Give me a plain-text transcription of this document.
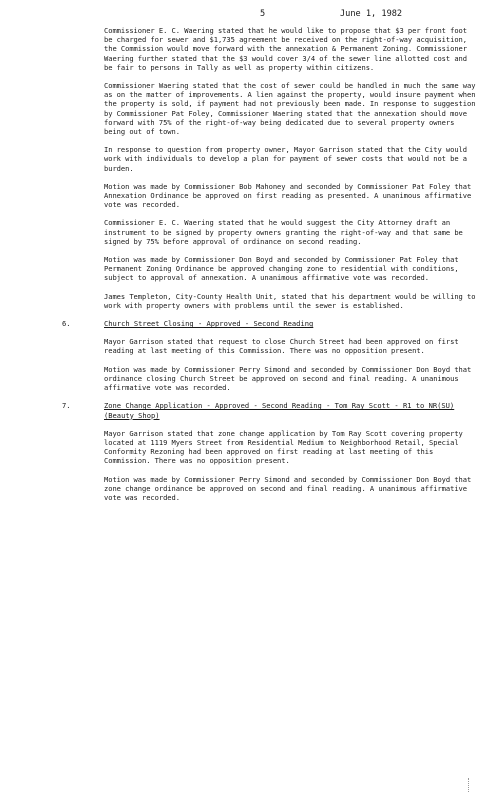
5	June 1, 1982

Commissioner E. C. Waering stated that he would like to propose that $3 per front foot be charged for sewer and $1,735 agreement be received on the right-of-way acquisition, the Commission would move forward with the annexation & Permanent Zoning. Commissioner Waering further stated that the $3 would cover 3/4 of the sewer line allotted cost and be fair to persons in Tally as well as property within citizens.

Commissioner Waering stated that the cost of sewer could be handled in much the same way as on the matter of improvements. A lien against the property, would insure payment when the property is sold, if payment had not previously been made. In response to suggestion by Commissioner Pat Foley, Commissioner Waering stated that the annexation should move forward with 75% of the right-of-way being dedicated due to several property owners being out of town.

In response to question from property owner, Mayor Garrison stated that the City would work with individuals to develop a plan for payment of sewer costs that would not be a burden.

Motion was made by Commissioner Bob Mahoney and seconded by Commissioner Pat Foley that Annexation Ordinance be approved on first reading as presented. A unanimous affirmative vote was recorded.

Commissioner E. C. Waering stated that he would suggest the City Attorney draft an instrument to be signed by property owners granting the right-of-way and that same be signed by 75% before approval of ordinance on second reading.

Motion was made by Commissioner Don Boyd and seconded by Commissioner Pat Foley that Permanent Zoning Ordinance be approved changing zone to residential with conditions, subject to approval of annexation. A unanimous affirmative vote was recorded.

James Templeton, City-County Health Unit, stated that his department would be willing to work with property owners with problems until the sewer is established.

6.	Church Street Closing - Approved - Second Reading

Mayor Garrison stated that request to close Church Street had been approved on first reading at last meeting of this Commission. There was no opposition present.

Motion was made by Commissioner Perry Simond and seconded by Commissioner Don Boyd that ordinance closing Church Street be approved on second and final reading. A unanimous affirmative vote was recorded.

7.	Zone Change Application - Approved - Second Reading - Tom Ray Scott - R1 to NR(SU)(Beauty Shop)

Mayor Garrison stated that zone change application by Tom Ray Scott covering property located at 1119 Myers Street from Residential Medium to Neighborhood Retail, Special Conformity Rezoning had been approved on first reading at last meeting of this Commission. There was no opposition present.

Motion was made by Commissioner Perry Simond and seconded by Commissioner Don Boyd that zone change ordinance be approved on second and final reading. A unanimous affirmative vote was recorded.
